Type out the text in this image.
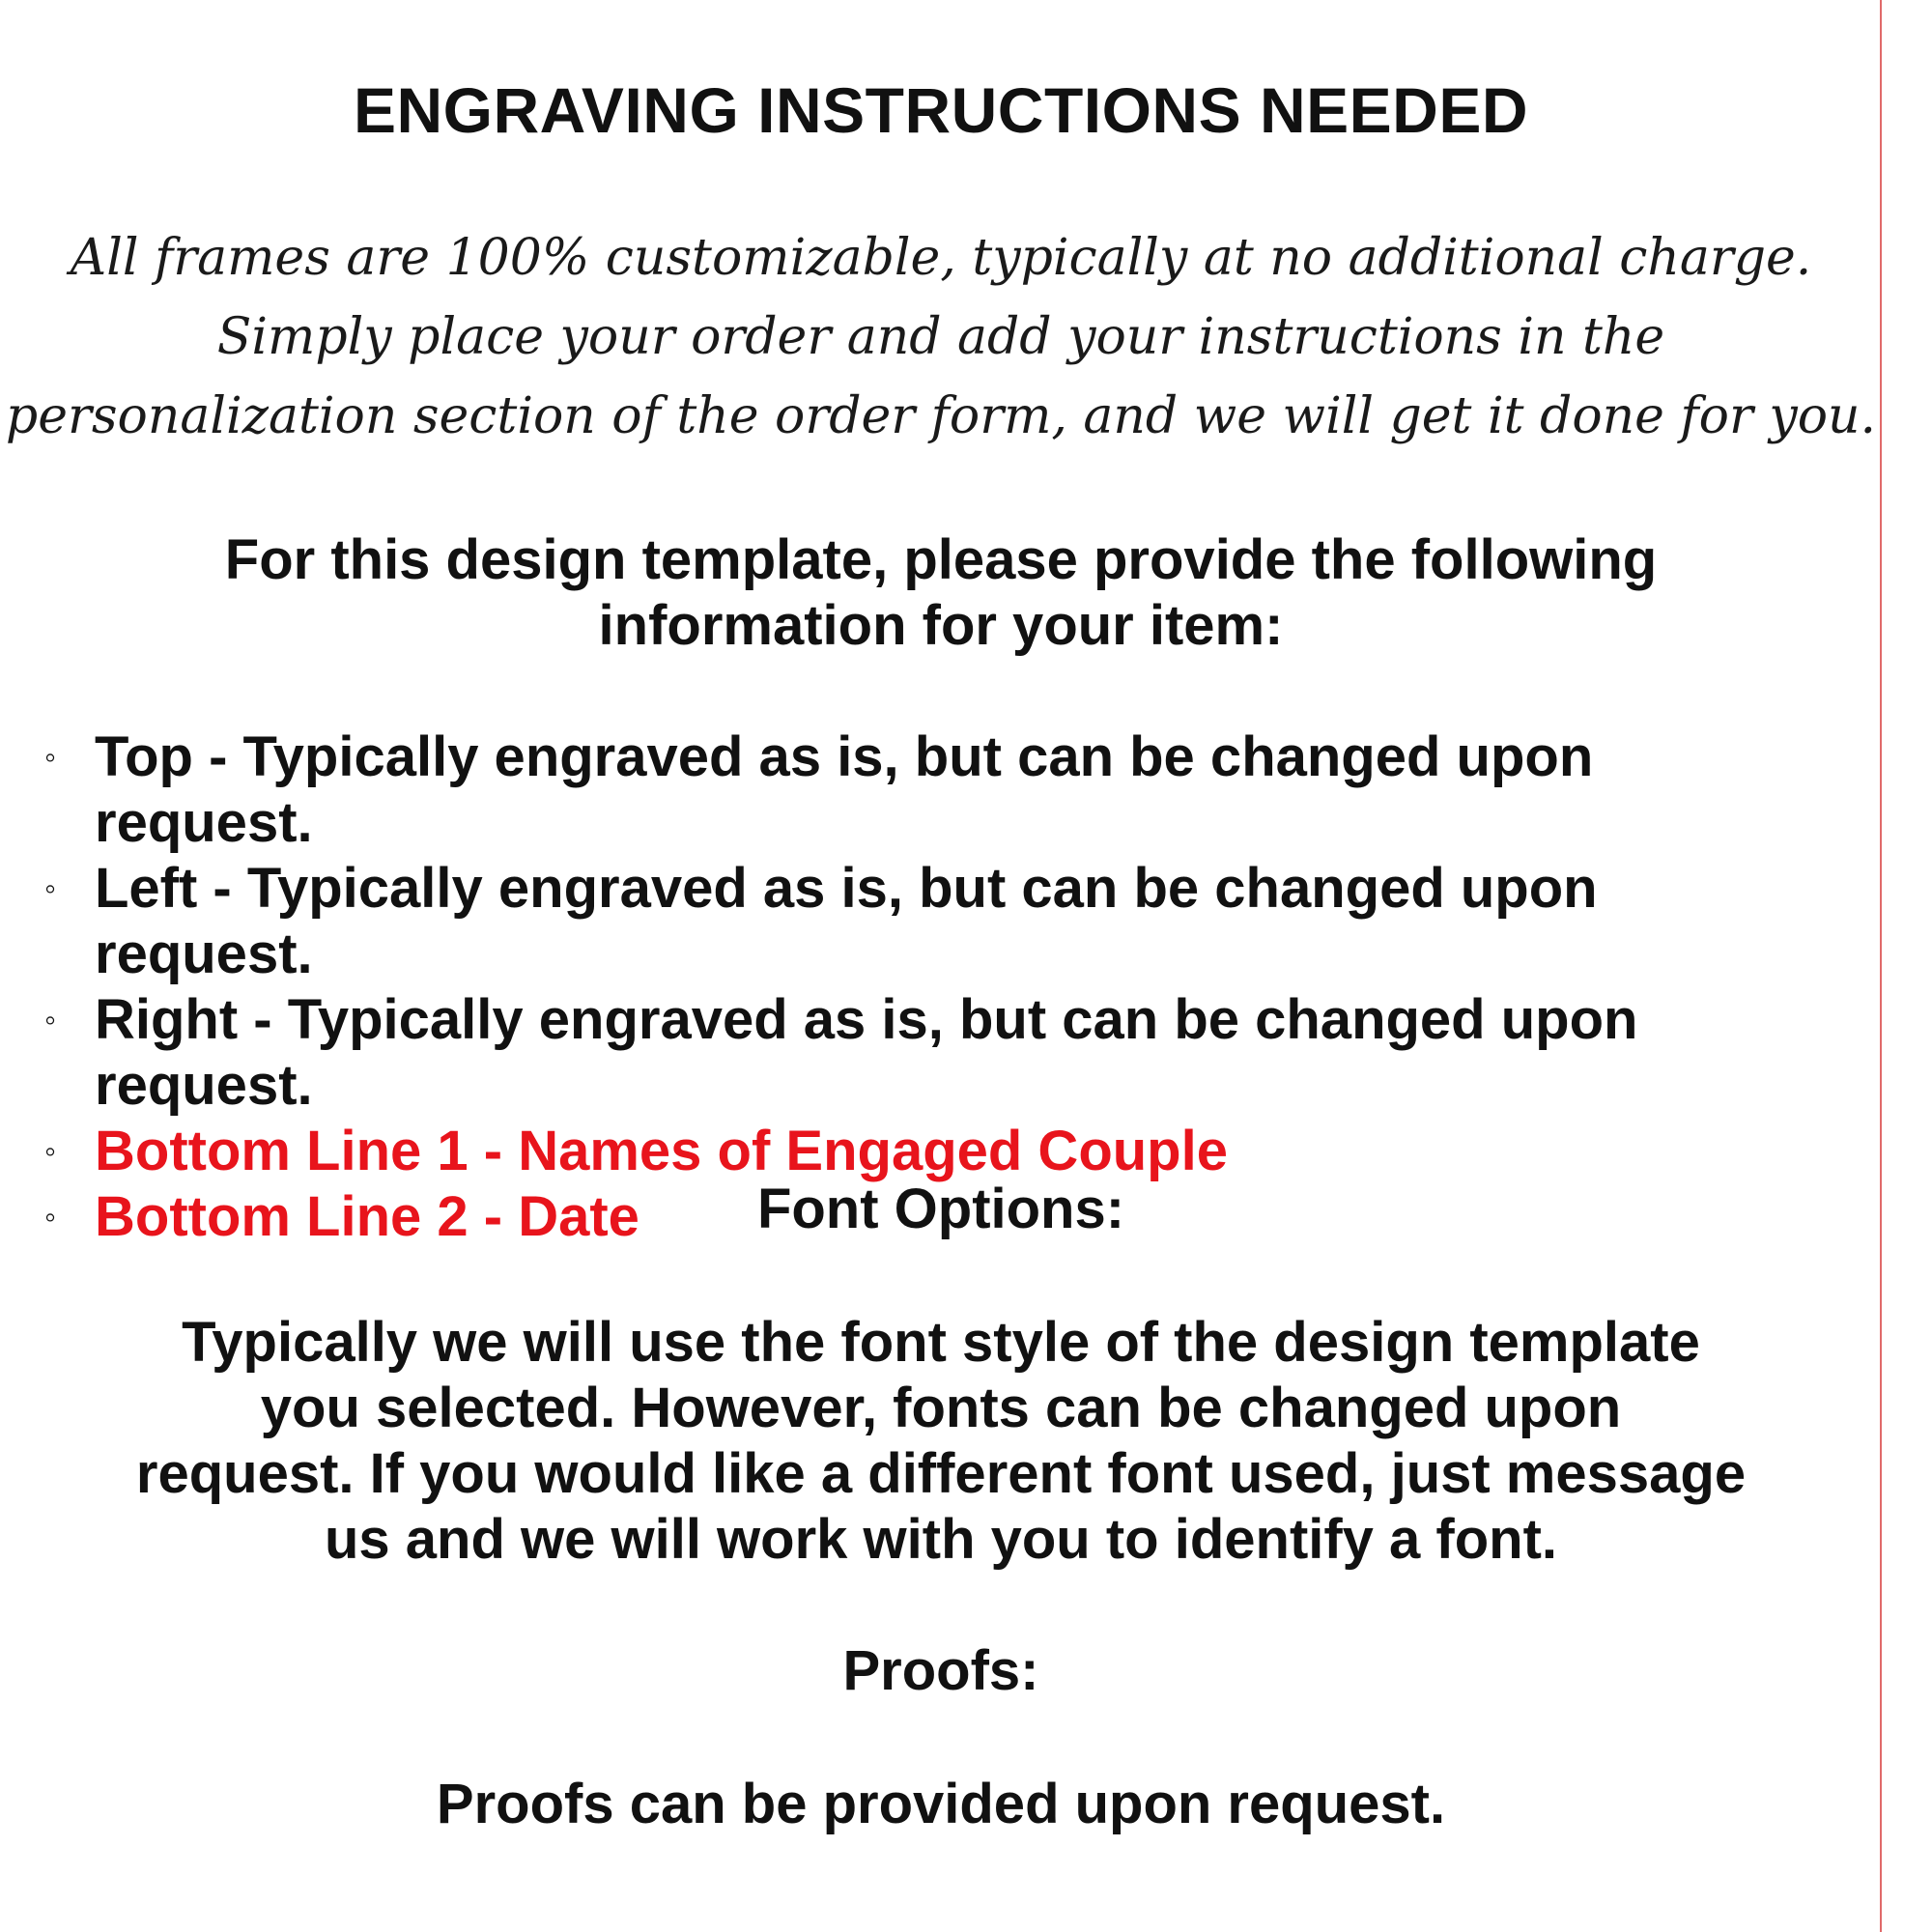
ENGRAVING INSTRUCTIONS NEEDED
All frames are 100% customizable, typically at no additional charge.
Simply place your order and add your instructions in the
personalization section of the order form, and we will get it done for you.
For this design template, please provide the following
information for your item:
◦ Top - Typically engraved as is, but can be changed upon request.
◦ Left - Typically engraved as is, but can be changed upon request.
◦ Right - Typically engraved as is, but can be changed upon request.
◦ Bottom Line 1 - Names of Engaged Couple
◦ Bottom Line 2 - Date	Font Options:
Typically we will use the font style of the design template
you selected. However, fonts can be changed upon
request. If you would like a different font used, just message
us and we will work with you to identify a font.
Proofs:
Proofs can be provided upon request.
